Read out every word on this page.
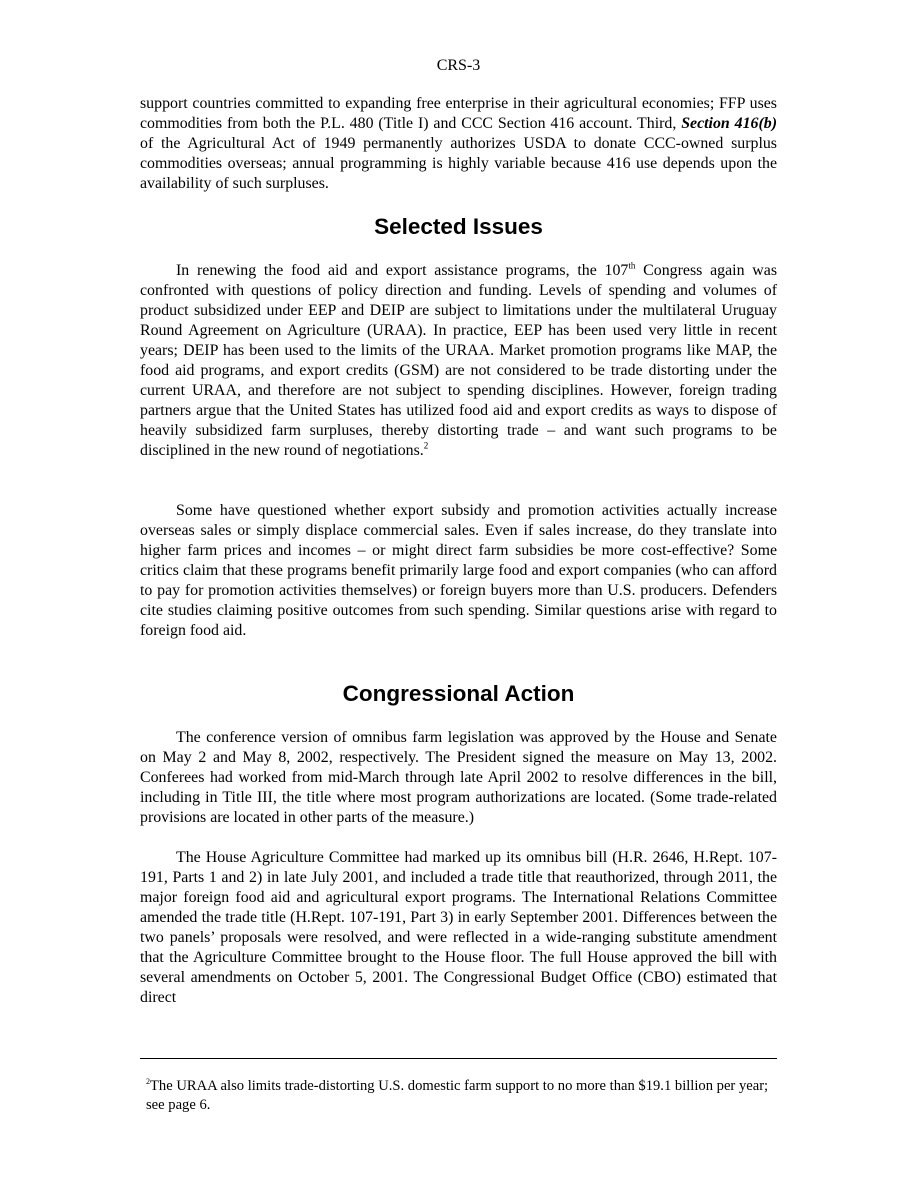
CRS-3

support countries committed to expanding free enterprise in their agricultural economies; FFP uses commodities from both the P.L. 480 (Title I) and CCC Section 416 account. Third, Section 416(b) of the Agricultural Act of 1949 permanently authorizes USDA to donate CCC-owned surplus commodities overseas; annual programming is highly variable because 416 use depends upon the availability of such surpluses.

Selected Issues

In renewing the food aid and export assistance programs, the 107th Congress again was confronted with questions of policy direction and funding. Levels of spending and volumes of product subsidized under EEP and DEIP are subject to limitations under the multilateral Uruguay Round Agreement on Agriculture (URAA). In practice, EEP has been used very little in recent years; DEIP has been used to the limits of the URAA. Market promotion programs like MAP, the food aid programs, and export credits (GSM) are not considered to be trade distorting under the current URAA, and therefore are not subject to spending disciplines. However, foreign trading partners argue that the United States has utilized food aid and export credits as ways to dispose of heavily subsidized farm surpluses, thereby distorting trade – and want such programs to be disciplined in the new round of negotiations.$^2$

Some have questioned whether export subsidy and promotion activities actually increase overseas sales or simply displace commercial sales. Even if sales increase, do they translate into higher farm prices and incomes – or might direct farm subsidies be more cost-effective? Some critics claim that these programs benefit primarily large food and export companies (who can afford to pay for promotion activities themselves) or foreign buyers more than U.S. producers. Defenders cite studies claiming positive outcomes from such spending. Similar questions arise with regard to foreign food aid.

Congressional Action

The conference version of omnibus farm legislation was approved by the House and Senate on May 2 and May 8, 2002, respectively. The President signed the measure on May 13, 2002. Conferees had worked from mid-March through late April 2002 to resolve differences in the bill, including in Title III, the title where most program authorizations are located. (Some trade-related provisions are located in other parts of the measure.)

The House Agriculture Committee had marked up its omnibus bill (H.R. 2646, H.Rept. 107-191, Parts 1 and 2) in late July 2001, and included a trade title that reauthorized, through 2011, the major foreign food aid and agricultural export programs. The International Relations Committee amended the trade title (H.Rept. 107-191, Part 3) in early September 2001. Differences between the two panels’ proposals were resolved, and were reflected in a wide-ranging substitute amendment that the Agriculture Committee brought to the House floor. The full House approved the bill with several amendments on October 5, 2001. The Congressional Budget Office (CBO) estimated that direct

$^2$The URAA also limits trade-distorting U.S. domestic farm support to no more than $19.1 billion per year; see page 6.
